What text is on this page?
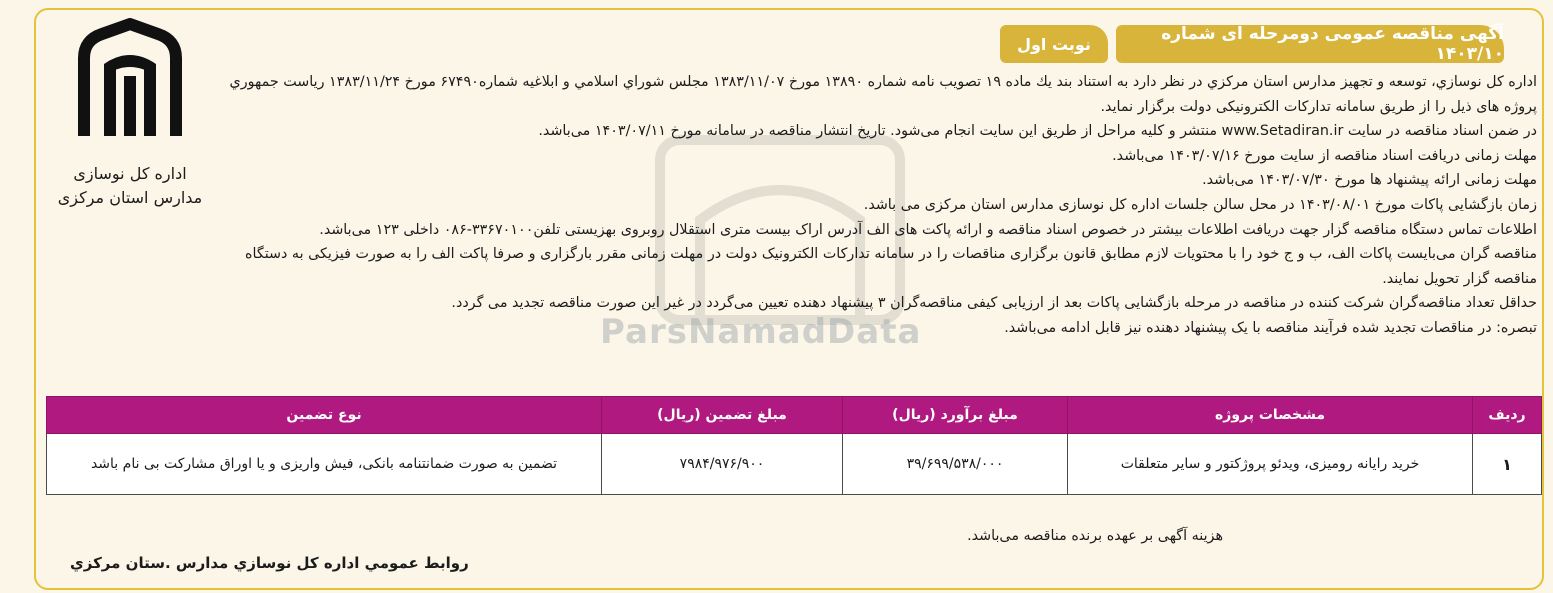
آگهی مناقصه عمومی دومرحله ای شماره ۱۴۰۳/۱۰
نوبت اول
اداره کل نوسازی
مدارس استان مرکزی
ParsNamadData

اداره كل نوسازي، توسعه و تجهيز مدارس استان مركزي در نظر دارد به استناد بند يك ماده ۱۹ تصويب نامه شماره ۱۳۸۹۰ مورخ ۱۳۸۳/۱۱/۰۷ مجلس شوراي اسلامي و ابلاغيه شماره۶۷۴۹۰ مورخ ۱۳۸۳/۱۱/۲۴ رياست جمهوري پروژه های ذیل را از طریق سامانه تدارکات الکترونیکی دولت برگزار نماید.

در ضمن اسناد مناقصه در سایت www.Setadiran.ir منتشر و کلیه مراحل از طریق این سایت انجام می‌شود. تاریخ انتشار مناقصه در سامانه مورخ ۱۴۰۳/۰۷/۱۱ می‌باشد.

مهلت زمانی دریافت اسناد مناقصه از سایت مورخ ۱۴۰۳/۰۷/۱۶ می‌باشد.

مهلت زمانی ارائه پیشنهاد ها مورخ ۱۴۰۳/۰۷/۳۰ می‌باشد.

زمان بازگشایی پاکات مورخ ۱۴۰۳/۰۸/۰۱ در محل سالن جلسات اداره کل نوسازی مدارس استان مرکزی می باشد.

اطلاعات تماس دستگاه مناقصه گزار جهت دریافت اطلاعات بیشتر در خصوص اسناد مناقصه و ارائه پاکت های الف آدرس اراک بیست متری استقلال روبروی بهزیستی تلفن۳۳۶۷۰۱۰۰-۰۸۶ داخلی ۱۲۳ می‌باشد.

مناقصه گران می‌بایست پاکات الف، ب و ج خود را با محتویات لازم مطابق قانون برگزاری مناقصات را در سامانه تدارکات الکترونیک دولت در مهلت زمانی مقرر بارگزاری و صرفا پاکت الف را به صورت فیزیکی به دستگاه مناقصه گزار تحویل نمایند.

حداقل تعداد مناقصه‌گران شرکت کننده در مناقصه در مرحله بازگشایی پاکات بعد از ارزیابی کیفی مناقصه‌گران ۳ پیشنهاد دهنده تعیین می‌گردد در غیر این صورت مناقصه تجدید می گردد.

تبصره: در مناقصات تجدید شده فرآیند مناقصه با یک پیشنهاد دهنده نیز قابل ادامه می‌باشد.

ردیف	مشخصات پروژه	مبلغ برآورد (ریال)	مبلغ تضمین (ریال)	نوع تضمین
۱	خرید رایانه رومیزی، ویدئو پروژکتور و سایر متعلقات	۳۹/۶۹۹/۵۳۸/۰۰۰	۷۹۸۴/۹۷۶/۹۰۰	تضمین به صورت ضمانتنامه بانکی، فیش واریزی و یا اوراق مشارکت بی نام باشد
هزینه آگهی بر عهده برنده مناقصه می‌باشد.
روابط عمومي اداره كل نوسازي مدارس .ستان مركزي
